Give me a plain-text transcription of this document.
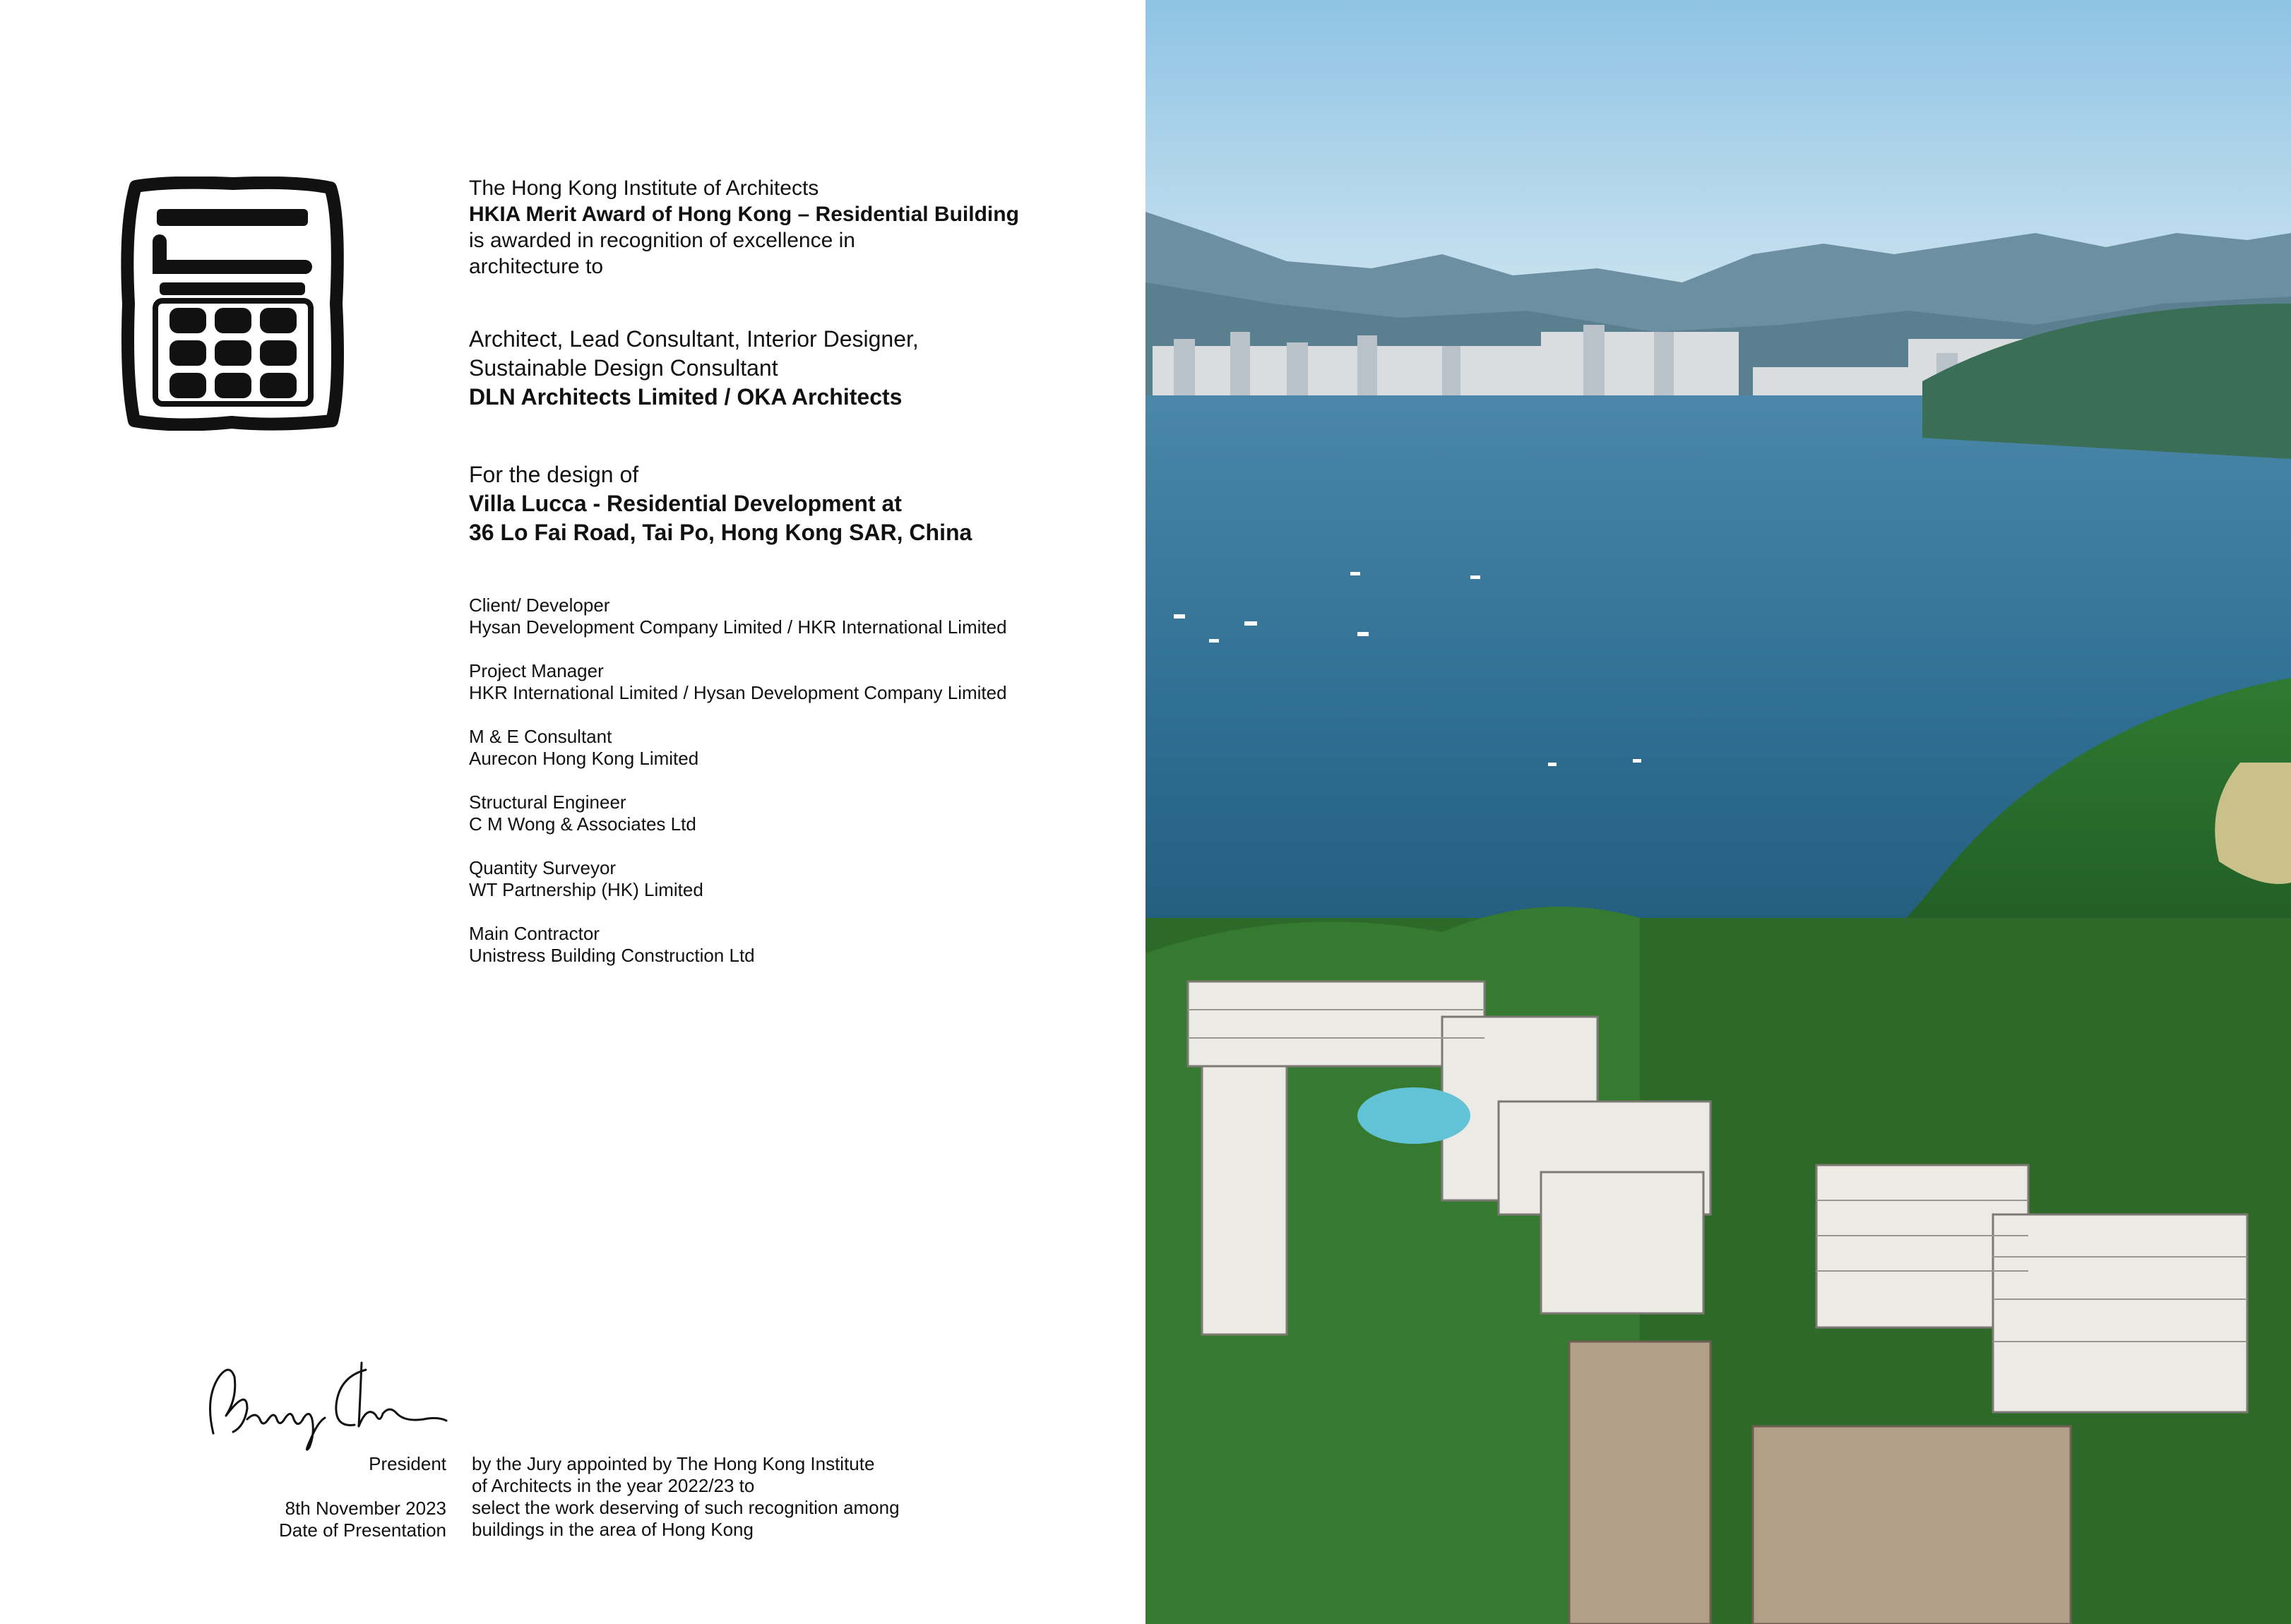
The Hong Kong Institute of Architects
HKIA Merit Award of Hong Kong – Residential Building
is awarded in recognition of excellence in
architecture to
Architect, Lead Consultant, Interior Designer,
Sustainable Design Consultant
DLN Architects Limited / OKA Architects
For the design of
Villa Lucca - Residential Development at
36 Lo Fai Road, Tai Po, Hong Kong SAR, China
Client/ Developer
Hysan Development Company Limited / HKR International Limited
Project Manager
HKR International Limited / Hysan Development Company Limited
M & E Consultant
Aurecon Hong Kong Limited
Structural Engineer
C M Wong & Associates Ltd
Quantity Surveyor
WT Partnership (HK) Limited
Main Contractor
Unistress Building Construction Ltd
President
8th November 2023
Date of Presentation
by the Jury appointed by The Hong Kong Institute
of Architects in the year 2022/23 to
select the work deserving of such recognition among
buildings in the area of Hong Kong
